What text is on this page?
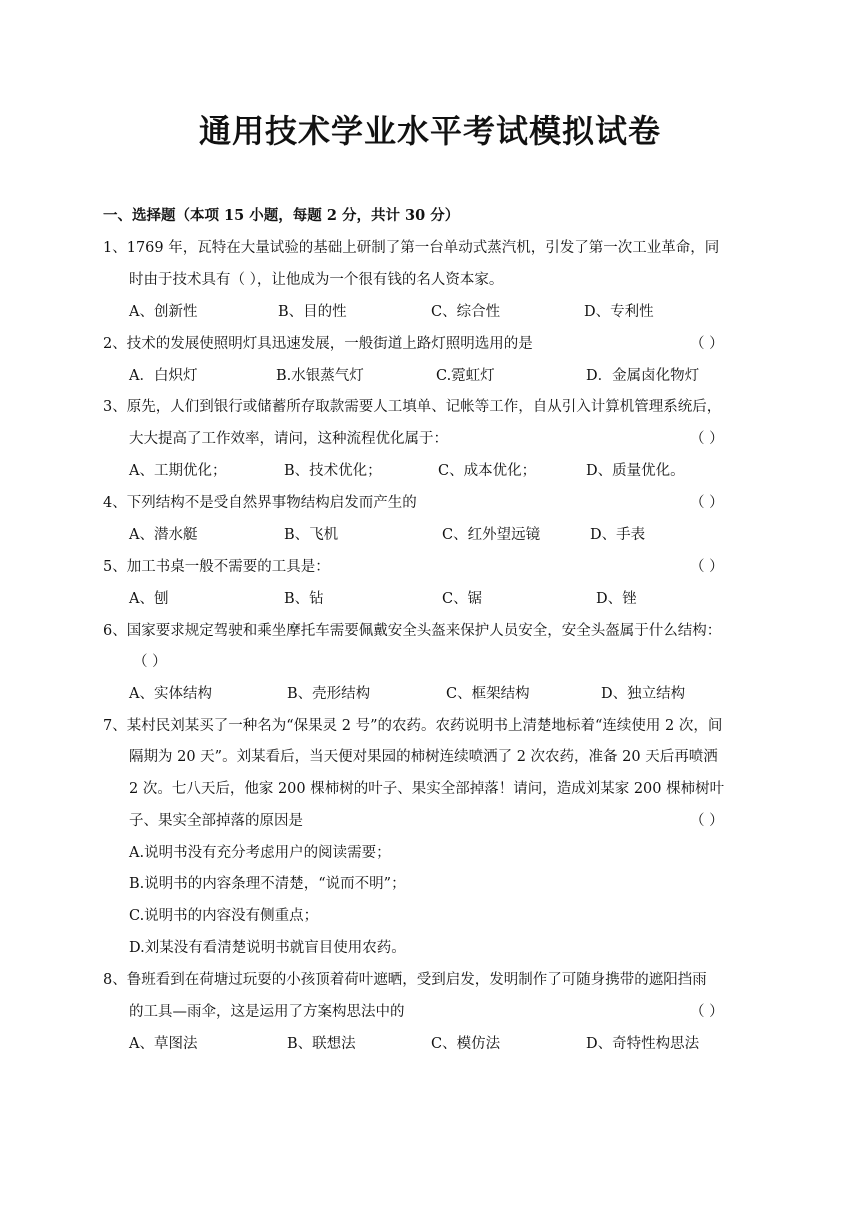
通用技术学业水平考试模拟试卷
一、选择题（本项 15 小题，每题 2 分，共计 30 分）
1、1769 年，瓦特在大量试验的基础上研制了第一台单动式蒸汽机，引发了第一次工业革命，同
时由于技术具有（ ），让他成为一个很有钱的名人资本家。
A、创新性	B、目的性	C、综合性	D、专利性
2、技术的发展使照明灯具迅速发展，一般街道上路灯照明选用的是	（ ）
A．白炽灯	B.水银蒸气灯	C.霓虹灯	D．金属卤化物灯
3、原先，人们到银行或储蓄所存取款需要人工填单、记帐等工作，自从引入计算机管理系统后，
大大提高了工作效率，请问，这种流程优化属于：	（ ）
A、工期优化；	B、技术优化；	C、成本优化；	D、质量优化。
4、下列结构不是受自然界事物结构启发而产生的	（ ）
A、潜水艇	B、飞机	C、红外望远镜	D、手表
5、加工书桌一般不需要的工具是：	（ ）
A、刨	B、钻	C、锯	D、锉
6、国家要求规定驾驶和乘坐摩托车需要佩戴安全头盔来保护人员安全，安全头盔属于什么结构：
（ ）
A、实体结构	B、壳形结构	C、框架结构	D、独立结构
7、某村民刘某买了一种名为“保果灵 2 号”的农药。农药说明书上清楚地标着“连续使用 2 次，间
隔期为 20 天”。刘某看后，当天便对果园的柿树连续喷洒了 2 次农药，准备 20 天后再喷洒
2 次。七八天后，他家 200 棵柿树的叶子、果实全部掉落！请问，造成刘某家 200 棵柿树叶
子、果实全部掉落的原因是	（ ）
A.说明书没有充分考虑用户的阅读需要；
B.说明书的内容条理不清楚，“说而不明”；
C.说明书的内容没有侧重点；
D.刘某没有看清楚说明书就盲目使用农药。
8、鲁班看到在荷塘过玩耍的小孩顶着荷叶遮晒，受到启发，发明制作了可随身携带的遮阳挡雨
的工具—雨伞，这是运用了方案构思法中的	（ ）
A、草图法	B、联想法	C、模仿法	D、奇特性构思法
